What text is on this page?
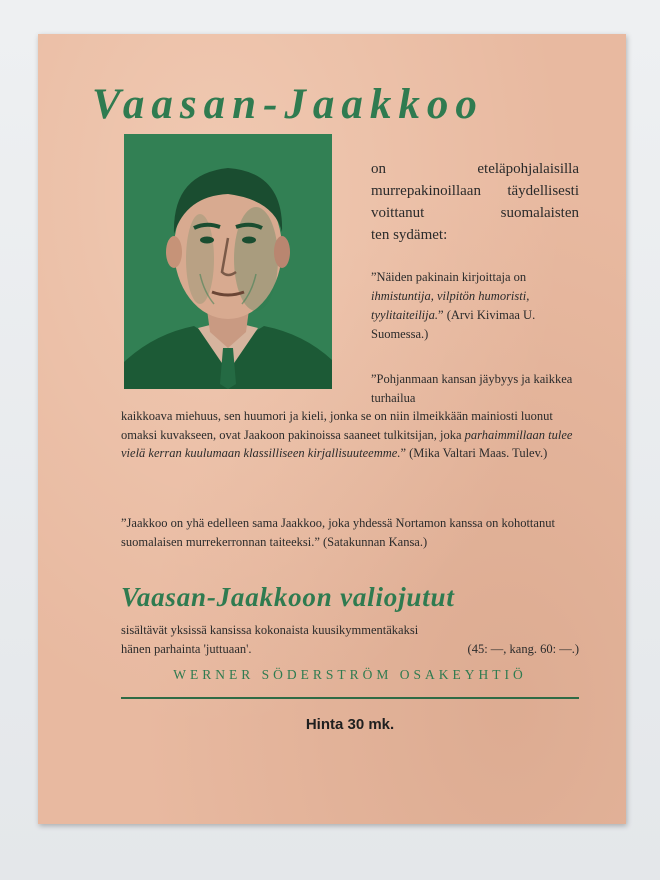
Vaasan-Jaakkoo

on eteläpohjalaisilla murrepakinoillaan täydellisesti voittanut suomalaisten
ten sydämet:

”Näiden pakinain kirjoittaja on ihmistuntija, vilpitön humoristi, tyylitaiteilija.” (Arvi Kivimaa U. Suomessa.)

”Pohjanmaan kansan jäybyys ja kaikkea turhailua
kaikkoava miehuus, sen huumori ja kieli, jonka se on niin ilmeikkään mainiosti luonut omaksi kuvakseen, ovat Jaakoon pakinoissa saaneet tulkitsijan, joka parhaimmillaan tulee vielä kerran kuulumaan klassilliseen kirjallisuuteemme.” (Mika Valtari Maas. Tulev.)

”Jaakkoo on yhä edelleen sama Jaakkoo, joka yhdessä Nortamon kanssa on kohottanut suomalaisen murrekerronnan taiteeksi.” (Satakunnan Kansa.)

Vaasan-Jaakkoon valiojutut
sisältävät yksissä kansissa kokonaista kuusikymmentäkaksi
hänen parhainta 'juttuaan'.	(45: —, kang. 60: —.)

WERNER SÖDERSTRÖM OSAKEYHTIÖ

Hinta 30 mk.
